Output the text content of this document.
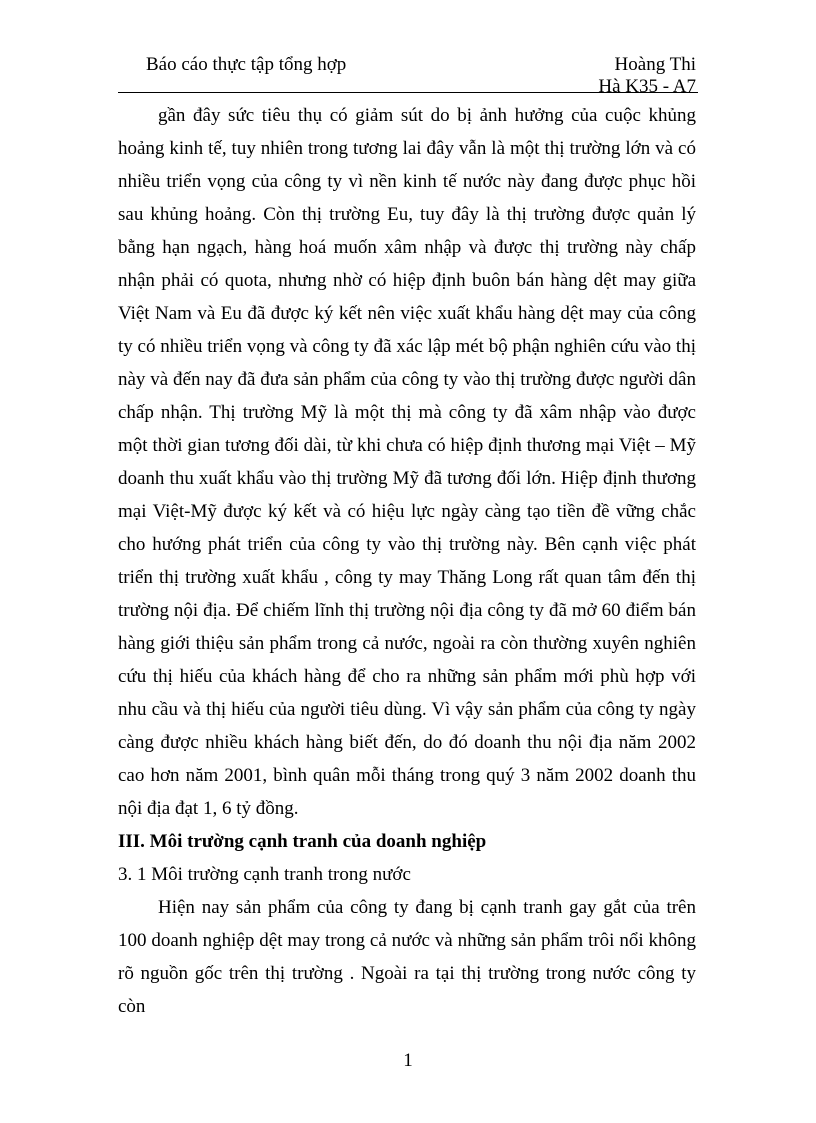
Báo cáo thực tập tổng hợp	Hoàng Thi
Hà K35 - A7

gần đây sức tiêu thụ có giảm sút do bị ảnh hưởng của cuộc khủng hoảng kinh tế, tuy nhiên trong tương lai đây vẫn là một thị trường lớn và có nhiều triển vọng của công ty vì nền kinh tế nước này đang được phục hồi sau khủng hoảng. Còn thị trường Eu, tuy đây là thị trường được quản lý bằng hạn ngạch, hàng hoá muốn xâm nhập và được thị trường này chấp nhận phải có quota, nhưng nhờ có hiệp định buôn bán hàng dệt may giữa Việt Nam và Eu đã được ký kết nên việc xuất khẩu hàng dệt may của công ty có nhiều triển vọng và công ty đã xác lập mét bộ phận nghiên cứu vào thị này và đến nay đã đưa sản phẩm của công ty vào thị trường được người dân chấp nhận. Thị trường Mỹ là một thị mà công ty đã xâm nhập vào được một thời gian tương đối dài, từ khi chưa có hiệp định thương mại Việt – Mỹ doanh thu xuất khẩu vào thị trường Mỹ đã tương đối lớn. Hiệp định thương mại Việt-Mỹ được ký kết và có hiệu lực ngày càng tạo tiền đề vững chắc cho hướng phát triển của công ty vào thị trường này. Bên cạnh việc phát triển thị trường xuất khẩu , công ty may Thăng Long rất quan tâm đến thị trường nội địa. Để chiếm lĩnh thị trường nội địa công ty đã mở 60 điểm bán hàng giới thiệu sản phẩm trong cả nước, ngoài ra còn thường xuyên nghiên cứu thị hiếu của khách hàng để cho ra những sản phẩm mới phù hợp với nhu cầu và thị hiếu của người tiêu dùng. Vì vậy sản phẩm của công ty ngày càng được nhiều khách hàng biết đến, do đó doanh thu nội địa năm 2002 cao hơn năm 2001, bình quân mỗi tháng trong quý 3 năm 2002 doanh thu nội địa đạt 1, 6 tỷ đồng.

III. Môi trường cạnh tranh của doanh nghiệp

3. 1 Môi trường cạnh tranh trong nước

Hiện nay sản phẩm của công ty đang bị cạnh tranh gay gắt của trên 100 doanh nghiệp dệt may trong cả nước và những sản phẩm trôi nổi không rõ nguồn gốc trên thị trường . Ngoài ra tại thị trường trong nước công ty còn

1
